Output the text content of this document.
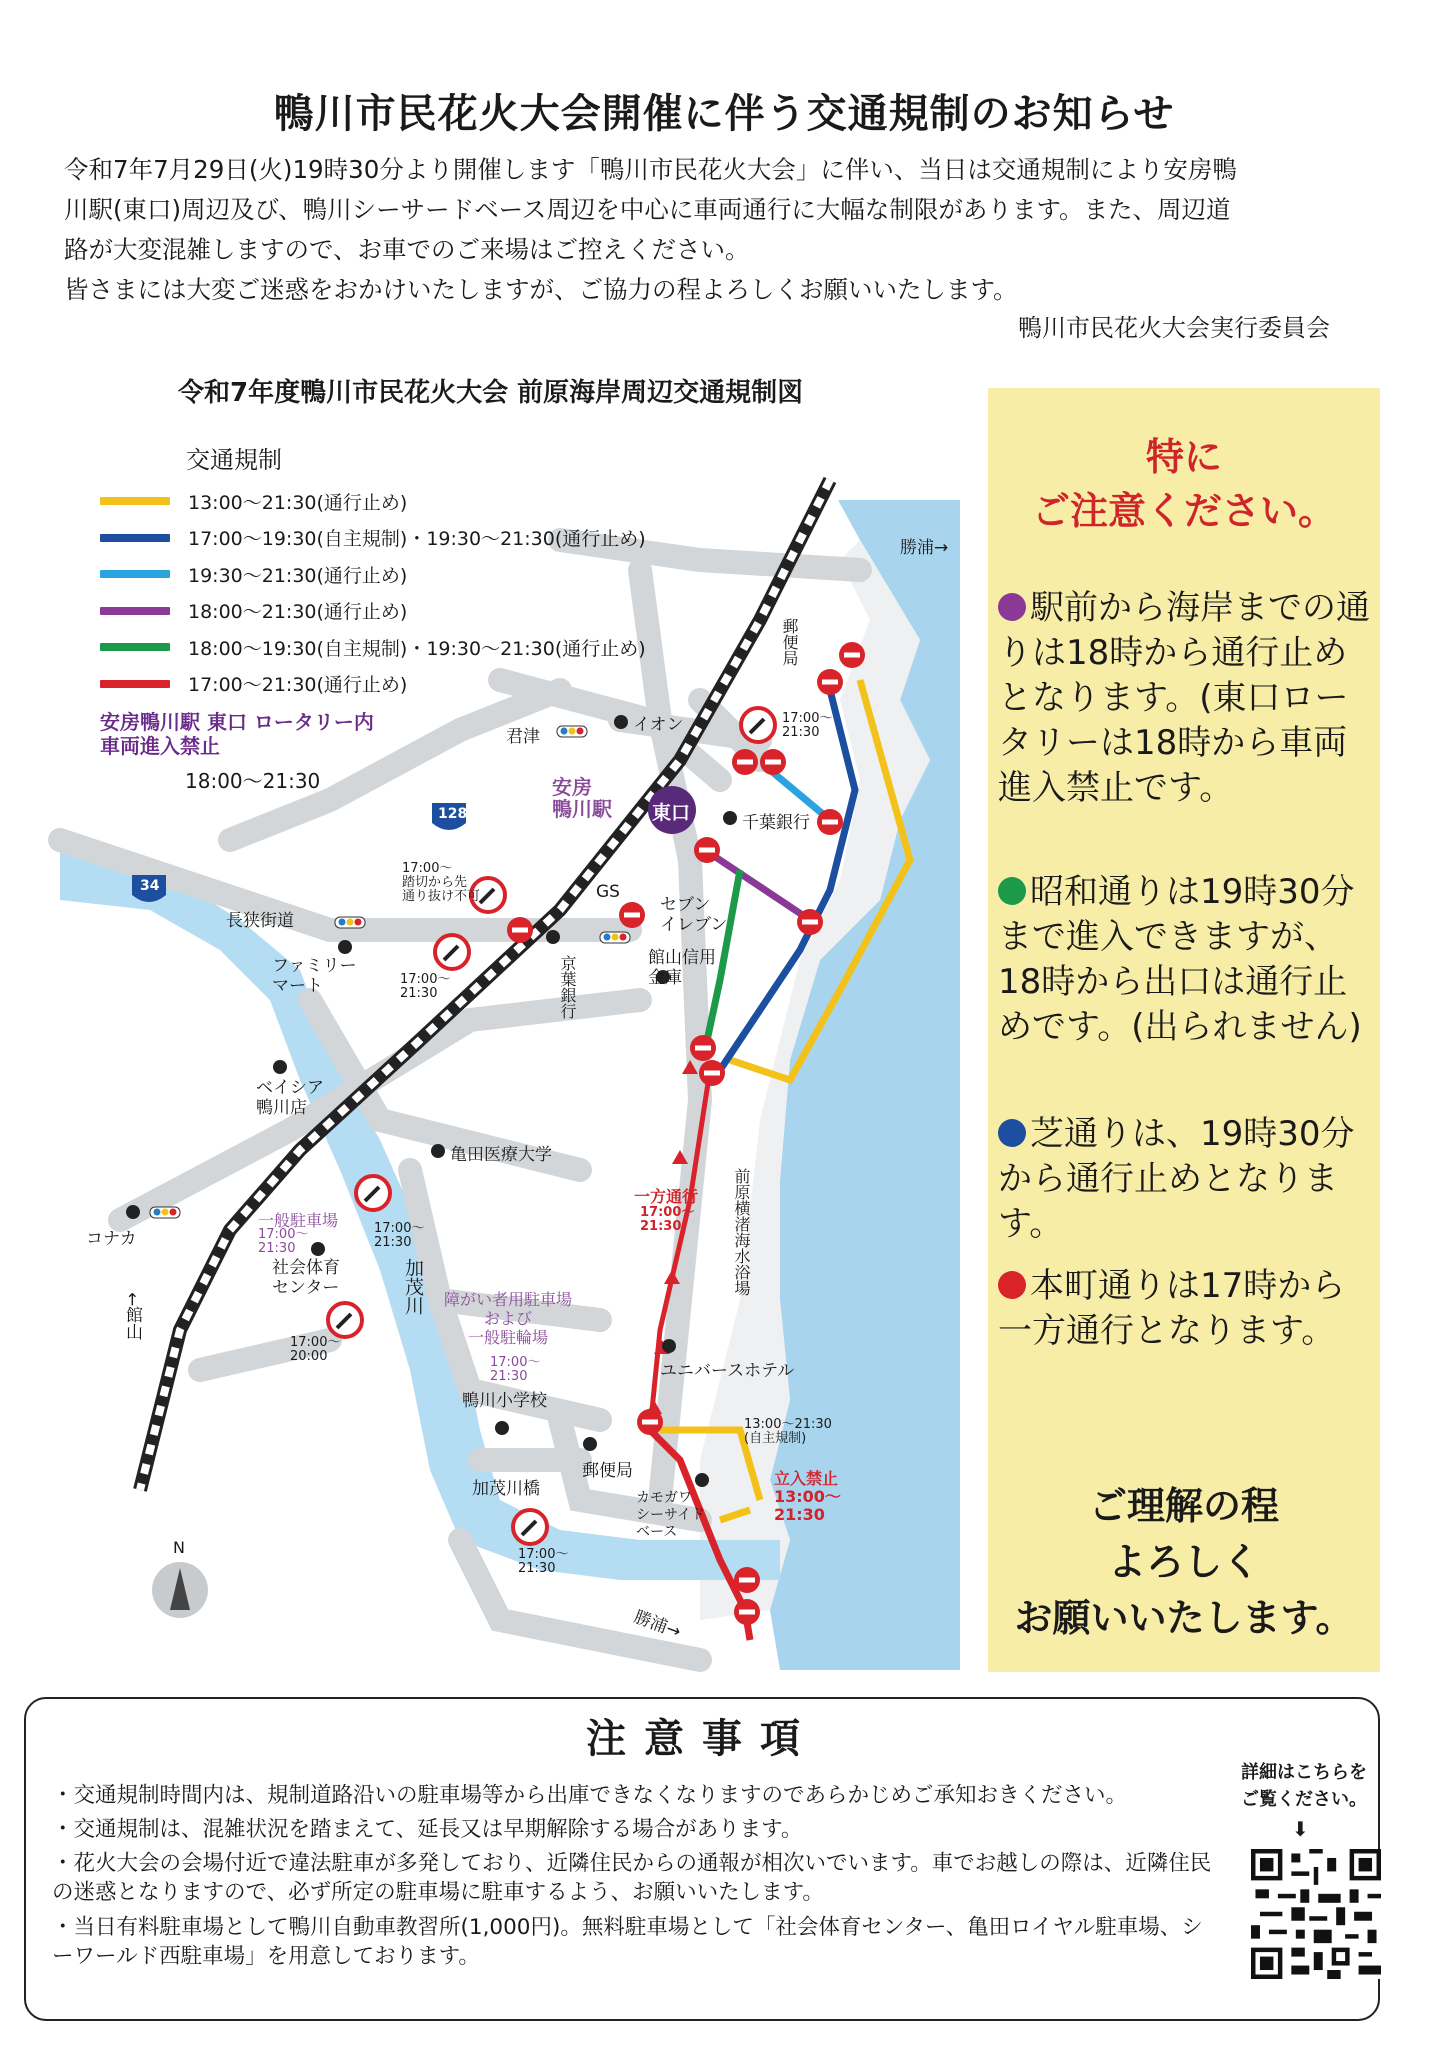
鴨川市民花火大会開催に伴う交通規制のお知らせ
令和7年7月29日(火)19時30分より開催します「鴨川市民花火大会」に伴い、当日は交通規制により安房鴨
川駅(東口)周辺及び、鴨川シーサードベース周辺を中心に車両通行に大幅な制限があります。また、周辺道
路が大変混雑しますので、お車でのご来場はご控えください。
皆さまには大変ご迷惑をおかけいたしますが、ご協力の程よろしくお願いいたします。
鴨川市民花火大会実行委員会
令和7年度鴨川市民花火大会 前原海岸周辺交通規制図
交通規制
13:00〜21:30(通行止め)
17:00〜19:30(自主規制)・19:30〜21:30(通行止め)
19:30〜21:30(通行止め)
18:00〜21:30(通行止め)
18:00〜19:30(自主規制)・19:30〜21:30(通行止め)
17:00〜21:30(通行止め)
安房鴨川駅 東口 ロータリー内
車両進入禁止
18:00〜21:30
勝浦→
郵便局
君津
イオン
安房
鴨川駅 東口	千葉銀行
128
34
長狭街道
GS
セブン
イレブン
ファミリー
マート	京葉銀行	館山信用
金庫
ベイシア
鴨川店
亀田医療大学
コナカ
←館山
一般駐車場
社会体育
センター	加茂川 障がい者用駐車場
および
一般駐輪場
一方通行
17:00〜
21:30	前原横渚海水浴場
ユニバースホテル
鴨川小学校
郵便局
加茂川橋	カモガワ
シーサイド
ベース
13:00〜21:30
(自主規制)
立入禁止
13:00〜
21:30
勝浦→
N
17:00〜
21:30
17:00〜
踏切から先
通り抜け不可
17:00〜
21:30
17:00〜
21:30
17:00〜
21:30
17:00〜
20:00	17:00〜
21:30
17:00〜
21:30
特に
ご注意ください。
駅前から海岸までの通りは18時から通行止めとなります。(東口ロータリーは18時から車両進入禁止です。
昭和通りは19時30分まで進入できますが、18時から出口は通行止めです。(出られません)
芝通りは、19時30分から通行止めとなります。
本町通りは17時から一方通行となります。
ご理解の程
よろしく
お願いいたします。
注意事項
・交通規制時間内は、規制道路沿いの駐車場等から出庫できなくなりますのであらかじめご承知おきください。
・交通規制は、混雑状況を踏まえて、延長又は早期解除する場合があります。
・花火大会の会場付近で違法駐車が多発しており、近隣住民からの通報が相次いでいます。車でお越しの際は、近隣住民の迷惑となりますので、必ず所定の駐車場に駐車するよう、お願いいたします。
・当日有料駐車場として鴨川自動車教習所(1,000円)。無料駐車場として「社会体育センター、亀田ロイヤル駐車場、シーワールド西駐車場」を用意しております。
詳細はこちらを
ご覧ください。
⬇
